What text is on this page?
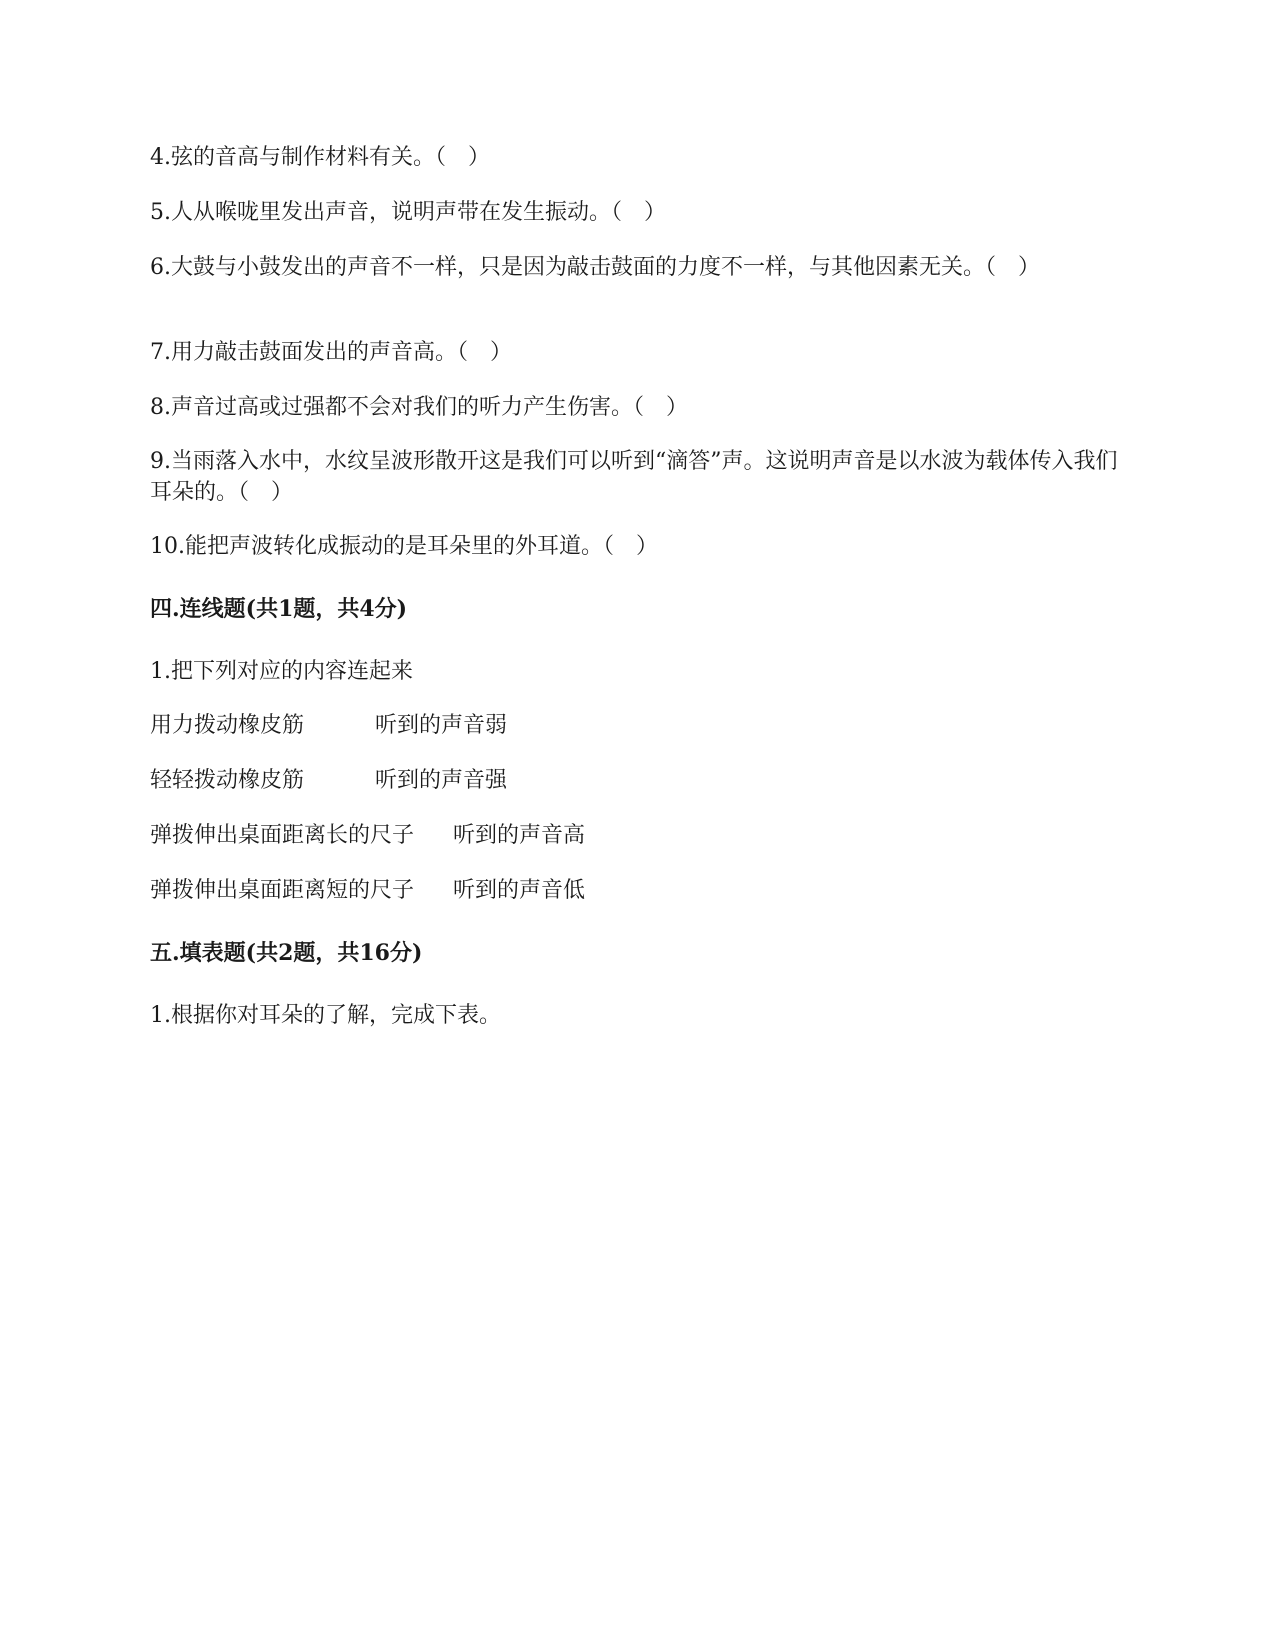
4.弦的音高与制作材料有关。（　）
5.人从喉咙里发出声音，说明声带在发生振动。（　）
6.大鼓与小鼓发出的声音不一样，只是因为敲击鼓面的力度不一样，与其他因素无关。（　）
7.用力敲击鼓面发出的声音高。（　）
8.声音过高或过强都不会对我们的听力产生伤害。（　）
9.当雨落入水中，水纹呈波形散开这是我们可以听到“滴答”声。这说明声音是以水波为载体传入我们耳朵的。（　）
10.能把声波转化成振动的是耳朵里的外耳道。（　）
四.连线题(共1题，共4分)
1.把下列对应的内容连起来
用力拨动橡皮筋	听到的声音弱
轻轻拨动橡皮筋	听到的声音强
弹拨伸出桌面距离长的尺子 听到的声音高
弹拨伸出桌面距离短的尺子 听到的声音低
五.填表题(共2题，共16分)
1.根据你对耳朵的了解，完成下表。
